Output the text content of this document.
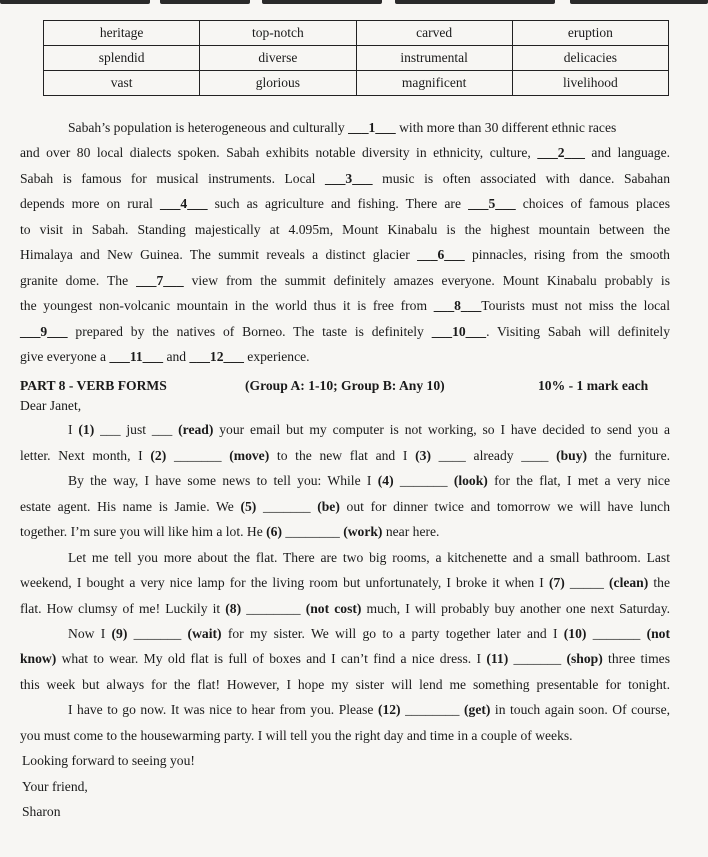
heritage	top-notch	carved	eruption
splendid	diverse	instrumental	delicacies
vast	glorious	magnificent	livelihood
Sabah’s population is heterogeneous and culturally ___1___ with more than 30 different ethnic races
and over 80 local dialects spoken. Sabah exhibits notable diversity in ethnicity, culture, ___2___ and language.
Sabah is famous for musical instruments. Local ___3___ music is often associated with dance. Sabahan
depends more on rural ___4___ such as agriculture and fishing. There are ___5___ choices of famous places
to visit in Sabah. Standing majestically at 4.095m, Mount Kinabalu is the highest mountain between the
Himalaya and New Guinea. The summit reveals a distinct glacier ___6___ pinnacles, rising from the smooth
granite dome. The ___7___ view from the summit definitely amazes everyone. Mount Kinabalu probably is
the youngest non-volcanic mountain in the world thus it is free from ___8___Tourists must not miss the local
___9___ prepared by the natives of Borneo. The taste is definitely ___10___. Visiting Sabah will definitely
give everyone a ___11___ and ___12___ experience.
PART 8 - VERB FORMS	(Group A: 1-10; Group B: Any 10)	10% - 1 mark each
Dear Janet,
I (1) ___ just ___ (read) your email but my computer is not working, so I have decided to send you a
letter. Next month, I (2) _______ (move) to the new flat and I (3) ____ already ____ (buy) the furniture.
By the way, I have some news to tell you: While I (4) _______ (look) for the flat, I met a very nice
estate agent. His name is Jamie. We (5) _______ (be) out for dinner twice and tomorrow we will have lunch
together. I’m sure you will like him a lot. He (6) ________ (work) near here.
Let me tell you more about the flat. There are two big rooms, a kitchenette and a small bathroom. Last
weekend, I bought a very nice lamp for the living room but unfortunately, I broke it when I (7) _____ (clean) the
flat. How clumsy of me! Luckily it (8) ________ (not cost) much, I will probably buy another one next Saturday.
Now I (9) _______ (wait) for my sister. We will go to a party together later and I (10) _______ (not
know) what to wear. My old flat is full of boxes and I can’t find a nice dress. I (11) _______ (shop) three times
this week but always for the flat! However, I hope my sister will lend me something presentable for tonight.
I have to go now. It was nice to hear from you. Please (12) ________ (get) in touch again soon. Of course,
you must come to the housewarming party. I will tell you the right day and time in a couple of weeks.
Looking forward to seeing you!
Your friend,
Sharon
